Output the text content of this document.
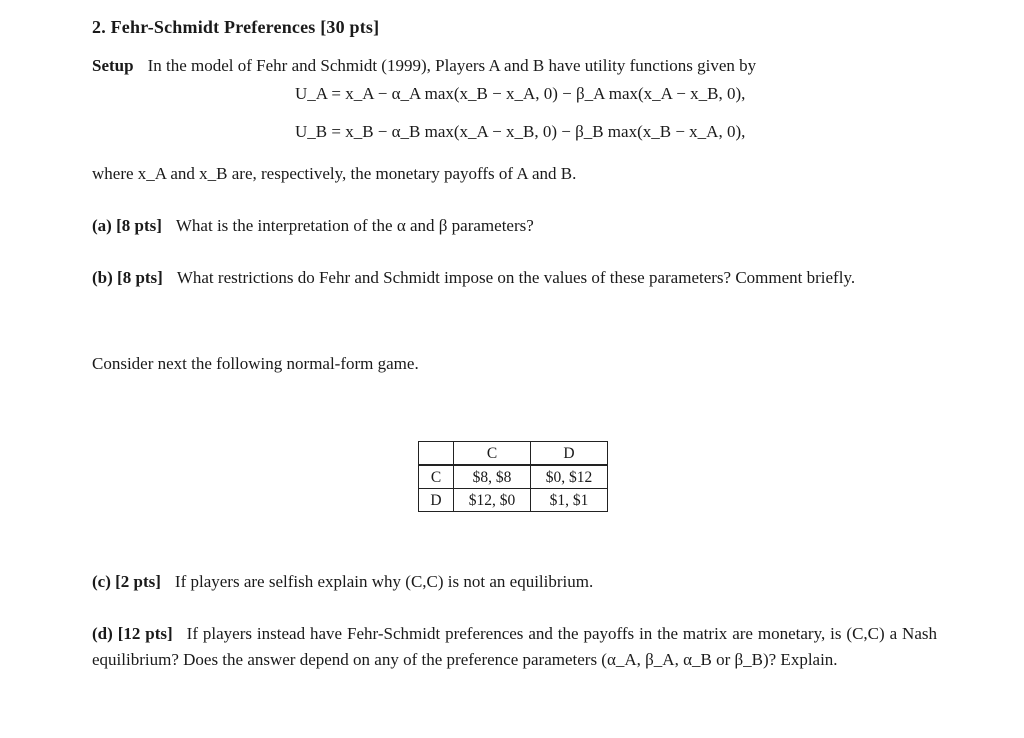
2. Fehr-Schmidt Preferences [30 pts]
Setup In the model of Fehr and Schmidt (1999), Players A and B have utility functions given by
U_A = x_A − α_A max(x_B − x_A, 0) − β_A max(x_A − x_B, 0),
U_B = x_B − α_B max(x_A − x_B, 0) − β_B max(x_B − x_A, 0),
where x_A and x_B are, respectively, the monetary payoffs of A and B.
(a) [8 pts] What is the interpretation of the α and β parameters?
(b) [8 pts] What restrictions do Fehr and Schmidt impose on the values of these parameters? Comment briefly.
Consider next the following normal-form game.
	C	D
C	$8, $8	$0, $12
D	$12, $0	$1, $1
(c) [2 pts] If players are selfish explain why (C,C) is not an equilibrium.
(d) [12 pts] If players instead have Fehr-Schmidt preferences and the payoffs in the matrix are monetary, is (C,C) a Nash equilibrium? Does the answer depend on any of the preference parameters (α_A, β_A, α_B or β_B)? Explain.
